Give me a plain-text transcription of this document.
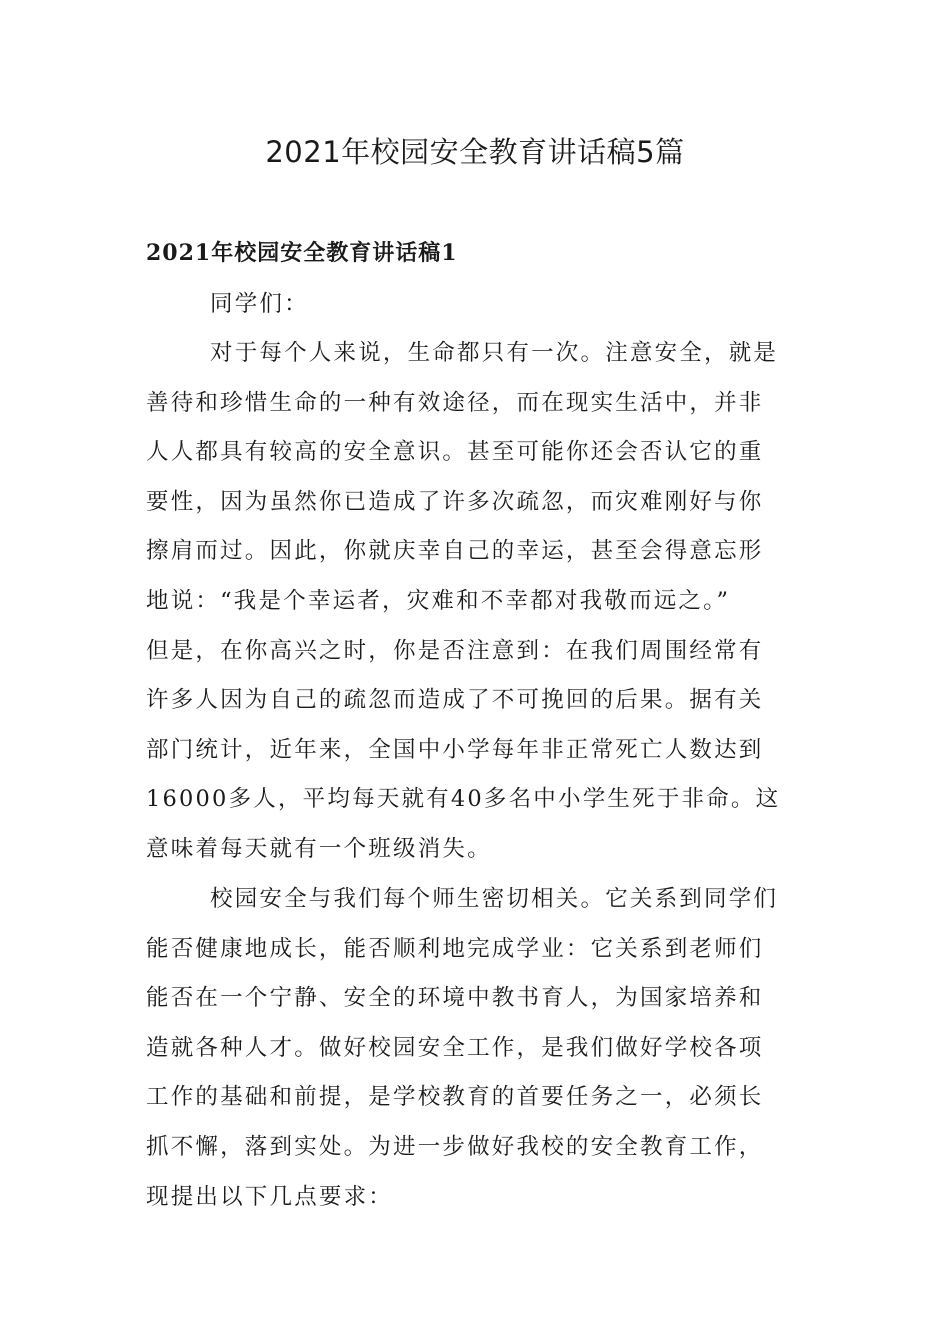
2021年校园安全教育讲话稿5篇
2021年校园安全教育讲话稿1

同学们：

对于每个人来说，生命都只有一次。注意安全，就是
善待和珍惜生命的一种有效途径，而在现实生活中，并非
人人都具有较高的安全意识。甚至可能你还会否认它的重
要性，因为虽然你已造成了许多次疏忽，而灾难刚好与你
擦肩而过。因此，你就庆幸自己的幸运，甚至会得意忘形
地说：“我是个幸运者，灾难和不幸都对我敬而远之。”
但是，在你高兴之时，你是否注意到：在我们周围经常有
许多人因为自己的疏忽而造成了不可挽回的后果。据有关
部门统计，近年来，全国中小学每年非正常死亡人数达到
16000多人，平均每天就有40多名中小学生死于非命。这
意味着每天就有一个班级消失。
校园安全与我们每个师生密切相关。它关系到同学们
能否健康地成长，能否顺利地完成学业：它关系到老师们
能否在一个宁静、安全的环境中教书育人，为国家培养和
造就各种人才。做好校园安全工作，是我们做好学校各项
工作的基础和前提，是学校教育的首要任务之一，必须长
抓不懈，落到实处。为进一步做好我校的安全教育工作，
现提出以下几点要求：
